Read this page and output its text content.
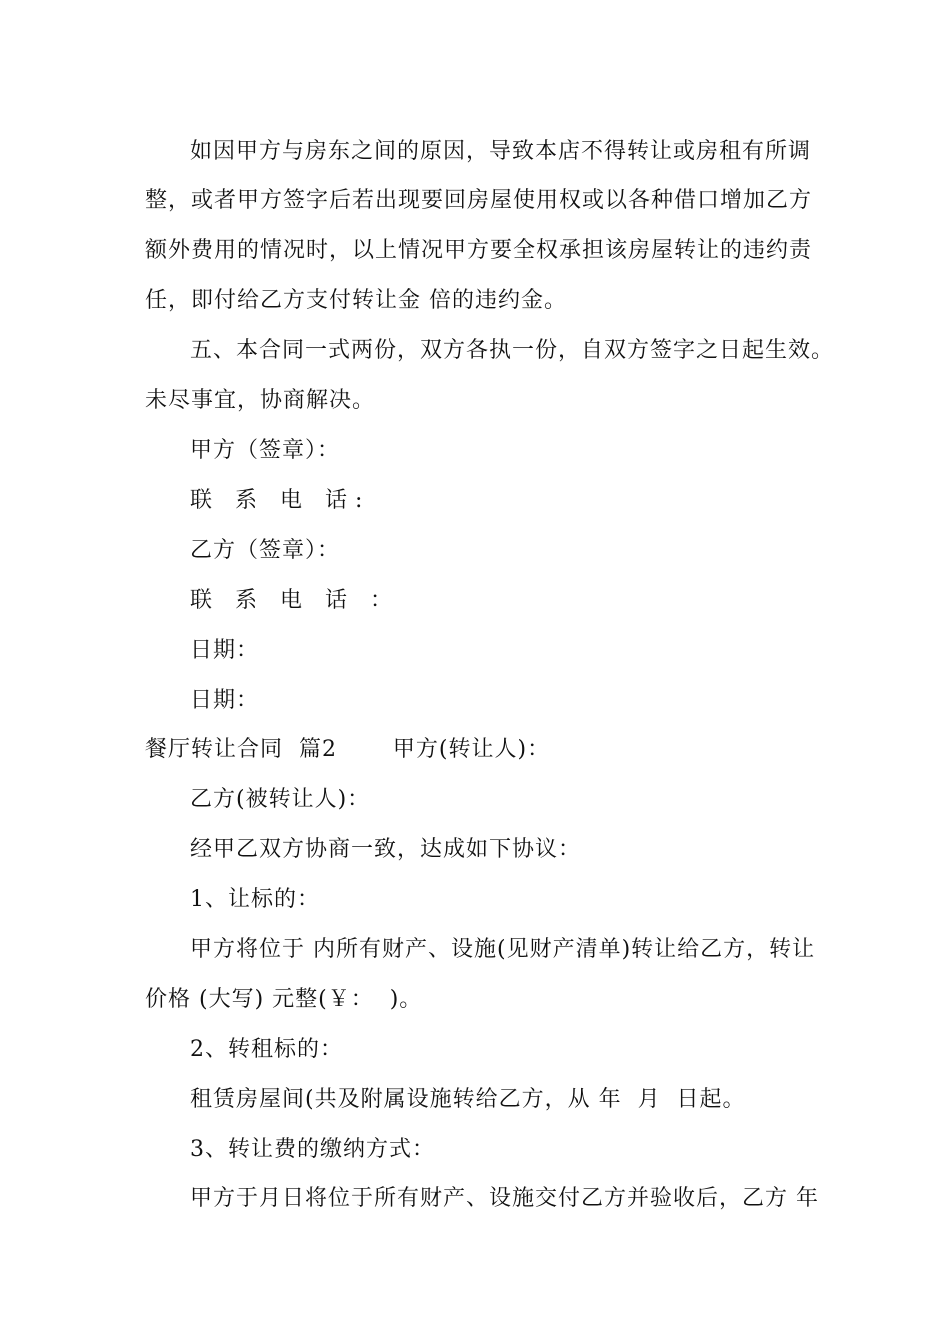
如因甲方与房东之间的原因，导致本店不得转让或房租有所调
整，或者甲方签字后若出现要回房屋使用权或以各种借口增加乙方
额外费用的情况时，以上情况甲方要全权承担该房屋转让的违约责
任，即付给乙方支付转让金 倍的违约金。
五、本合同一式两份，双方各执一份，自双方签字之日起生效。
未尽事宜，协商解决。
甲方（签章）：
联 系 电 话:
乙方（签章）：
联 系 电 话 ：
日期：
日期：
餐厅转让合同  篇2       甲方(转让人)：
乙方(被转让人)：
经甲乙双方协商一致，达成如下协议：
1、让标的：
甲方将位于 内所有财产、设施(见财产清单)转让给乙方，转让
价格 (大写) 元整(￥：  )。
2、转租标的：
租赁房屋间(共及附属设施转给乙方，从 年  月  日起。
3、转让费的缴纳方式：
甲方于月日将位于所有财产、设施交付乙方并验收后，乙方 年
